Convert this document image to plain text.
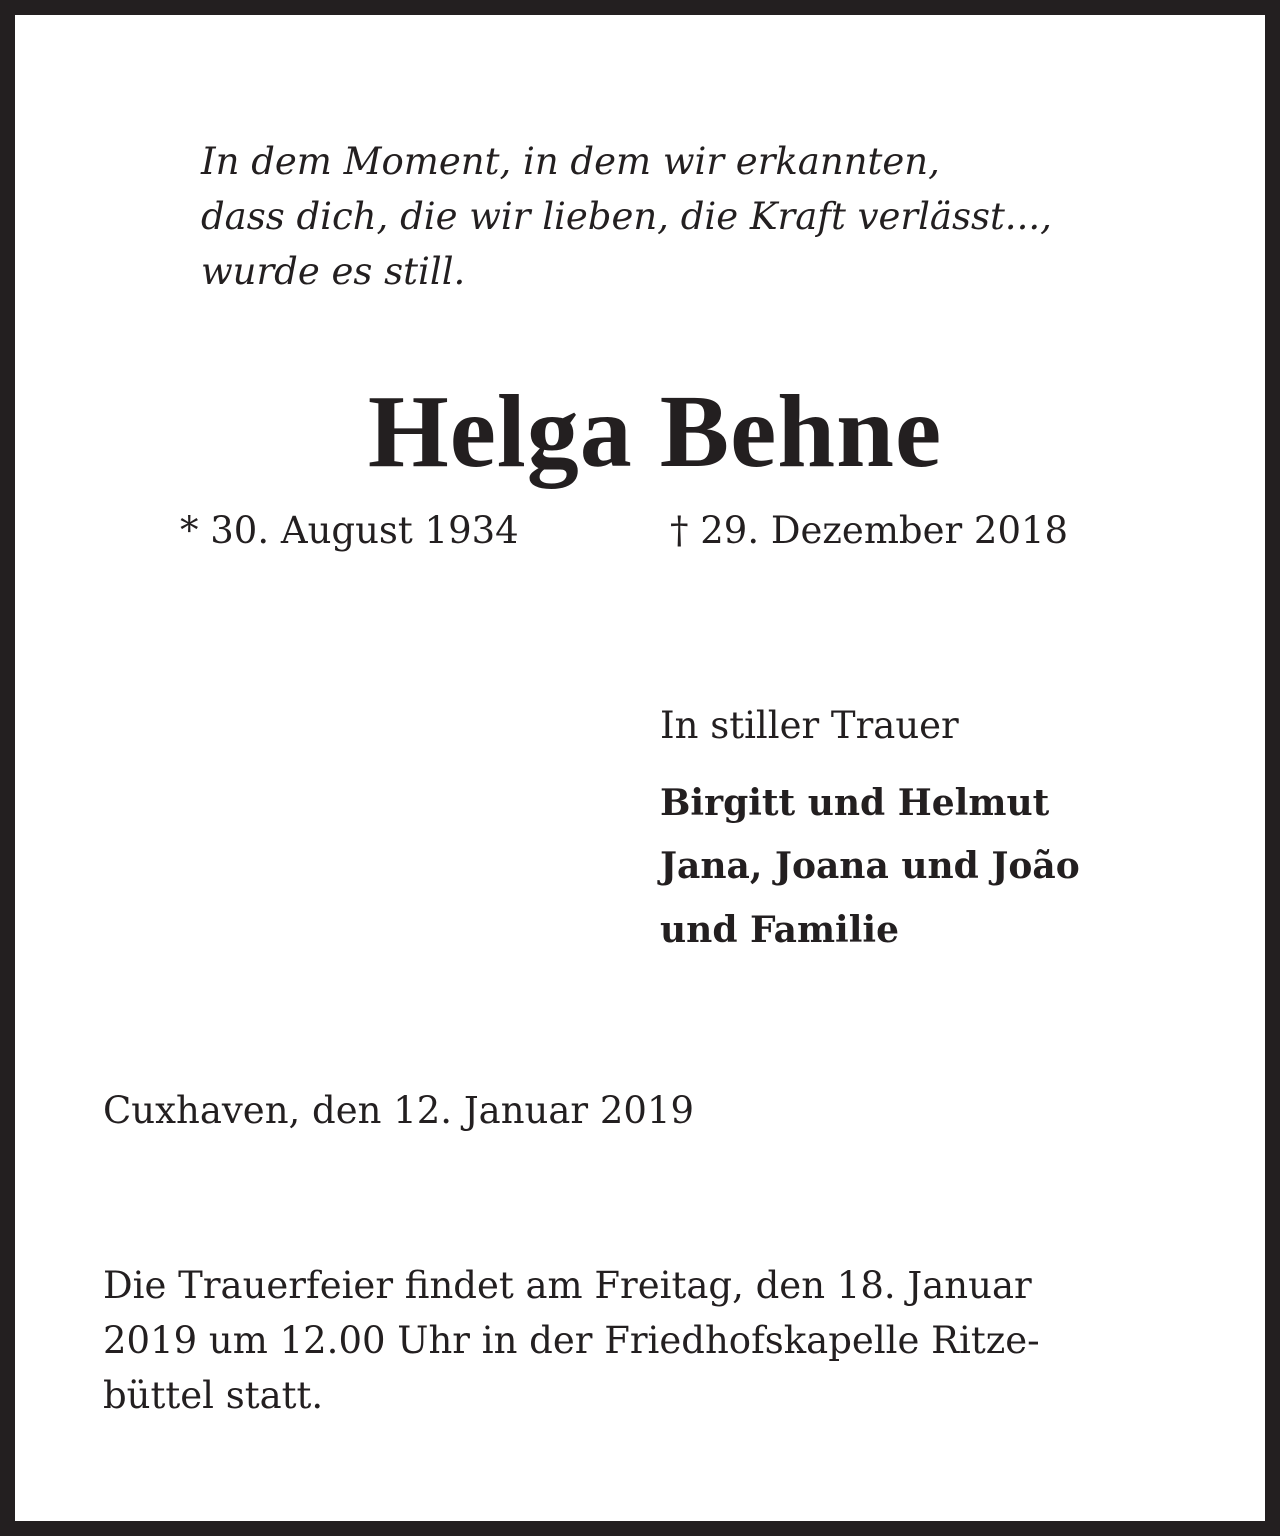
In dem Moment, in dem wir erkannten,
dass dich, die wir lieben, die Kraft verlässt...,
wurde es still.
Helga Behne
* 30. August 1934	† 29. Dezember 2018
In stiller Trauer
Birgitt und Helmut
Jana, Joana und João
und Familie
Cuxhaven, den 12. Januar 2019
Die Trauerfeier findet am Freitag, den 18. Januar
2019 um 12.00 Uhr in der Friedhofskapelle Ritze-
büttel statt.
